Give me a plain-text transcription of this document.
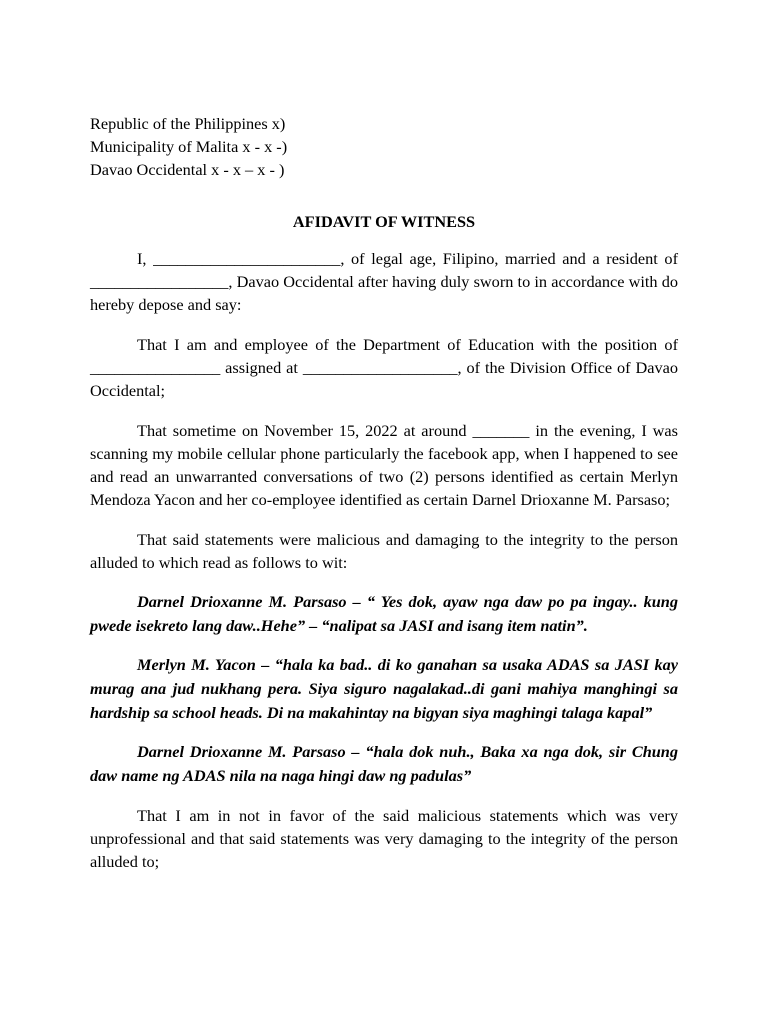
Republic of the Philippines x)

Municipality of Malita x - x -)

Davao Occidental x - x – x - )

AFIDAVIT OF WITNESS

I, _______________________, of legal age, Filipino, married and a resident of _________________, Davao Occidental after having duly sworn to in accordance with do hereby depose and say:

That I am and employee of the Department of Education with the position of ________________ assigned at ___________________, of the Division Office of Davao Occidental;

That sometime on November 15, 2022 at around _______ in the evening, I was scanning my mobile cellular phone particularly the facebook app, when I happened to see and read an unwarranted conversations of two (2) persons identified as certain Merlyn Mendoza Yacon and her co-employee identified as certain Darnel Drioxanne M. Parsaso;

That said statements were malicious and damaging to the integrity to the person alluded to which read as follows to wit:

Darnel Drioxanne M. Parsaso – “ Yes dok, ayaw nga daw po pa ingay.. kung pwede isekreto lang daw..Hehe” – “nalipat sa JASI and isang item natin”.

Merlyn M. Yacon – “hala ka bad.. di ko ganahan sa usaka ADAS sa JASI kay murag ana jud nukhang pera. Siya siguro nagalakad..di gani mahiya manghingi sa hardship sa school heads. Di na makahintay na bigyan siya maghingi talaga kapal”

Darnel Drioxanne M. Parsaso – “hala dok nuh., Baka xa nga dok, sir Chung daw name ng ADAS nila na naga hingi daw ng padulas”

That I am in not in favor of the said malicious statements which was very unprofessional and that said statements was very damaging to the integrity of the person alluded to;
